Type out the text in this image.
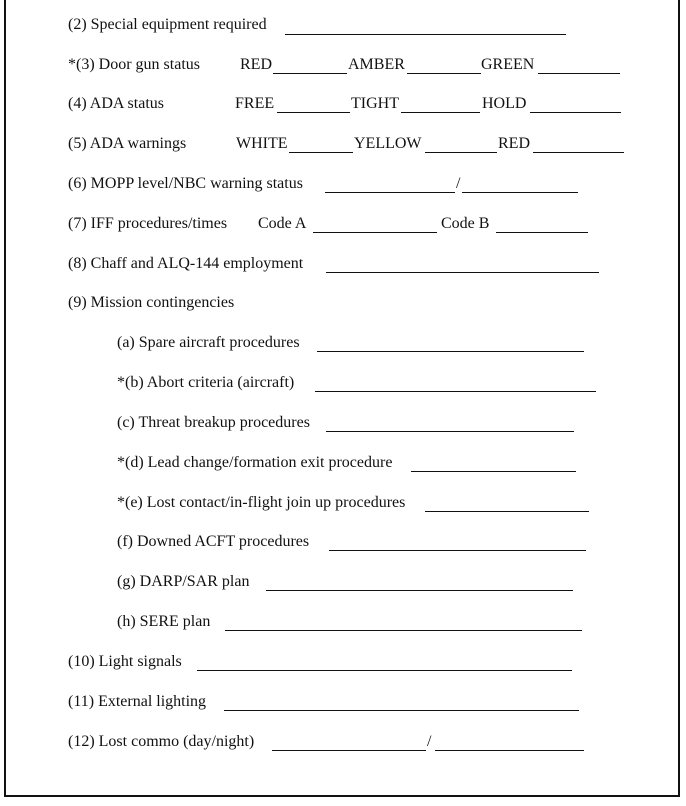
(2) Special equipment required
*(3) Door gun status	RED	AMBER	GREEN
(4) ADA status	FREE	TIGHT	HOLD
(5) ADA warnings	WHITE	YELLOW	RED
(6) MOPP level/NBC warning status	/
(7) IFF procedures/times Code A	Code B
(8) Chaff and ALQ-144 employment
(9) Mission contingencies
(a) Spare aircraft procedures
*(b) Abort criteria (aircraft)
(c) Threat breakup procedures
*(d) Lead change/formation exit procedure
*(e) Lost contact/in-flight join up procedures
(f) Downed ACFT procedures
(g) DARP/SAR plan
(h) SERE plan
(10) Light signals
(11) External lighting
(12) Lost commo (day/night)	/
